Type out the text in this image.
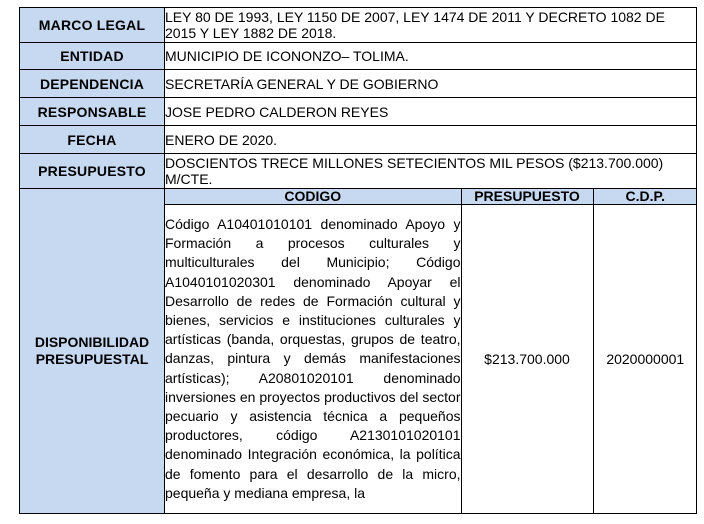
MARCO LEGAL	LEY 80 DE 1993, LEY 1150 DE 2007, LEY 1474 DE 2011 Y DECRETO 1082 DE 2015 Y LEY 1882 DE 2018.
ENTIDAD	MUNICIPIO DE ICONONZO– TOLIMA.
DEPENDENCIA	SECRETARÍA GENERAL Y DE GOBIERNO
RESPONSABLE	JOSE PEDRO CALDERON REYES
FECHA	ENERO DE 2020.
PRESUPUESTO	DOSCIENTOS TRECE MILLONES SETECIENTOS MIL PESOS ($213.700.000) M/CTE.
DISPONIBILIDAD PRESUPUESTAL	
CODIGO	PRESUPUESTO	C.D.P.
Código A10401010101 denominado Apoyo y Formación a procesos culturales y multiculturales del Municipio; Código A1040101020301 denominado Apoyar el Desarrollo de redes de Formación cultural y bienes, servicios e instituciones culturales y artísticas (banda, orquestas, grupos de teatro, danzas, pintura y demás manifestaciones artísticas); A20801020101 denominado inversiones en proyectos productivos del sector pecuario y asistencia técnica a pequeños productores, código A2130101020101 denominado Integración económica, la política de fomento para el desarrollo de la micro, pequeña y mediana empresa, la	$213.700.000	2020000001
